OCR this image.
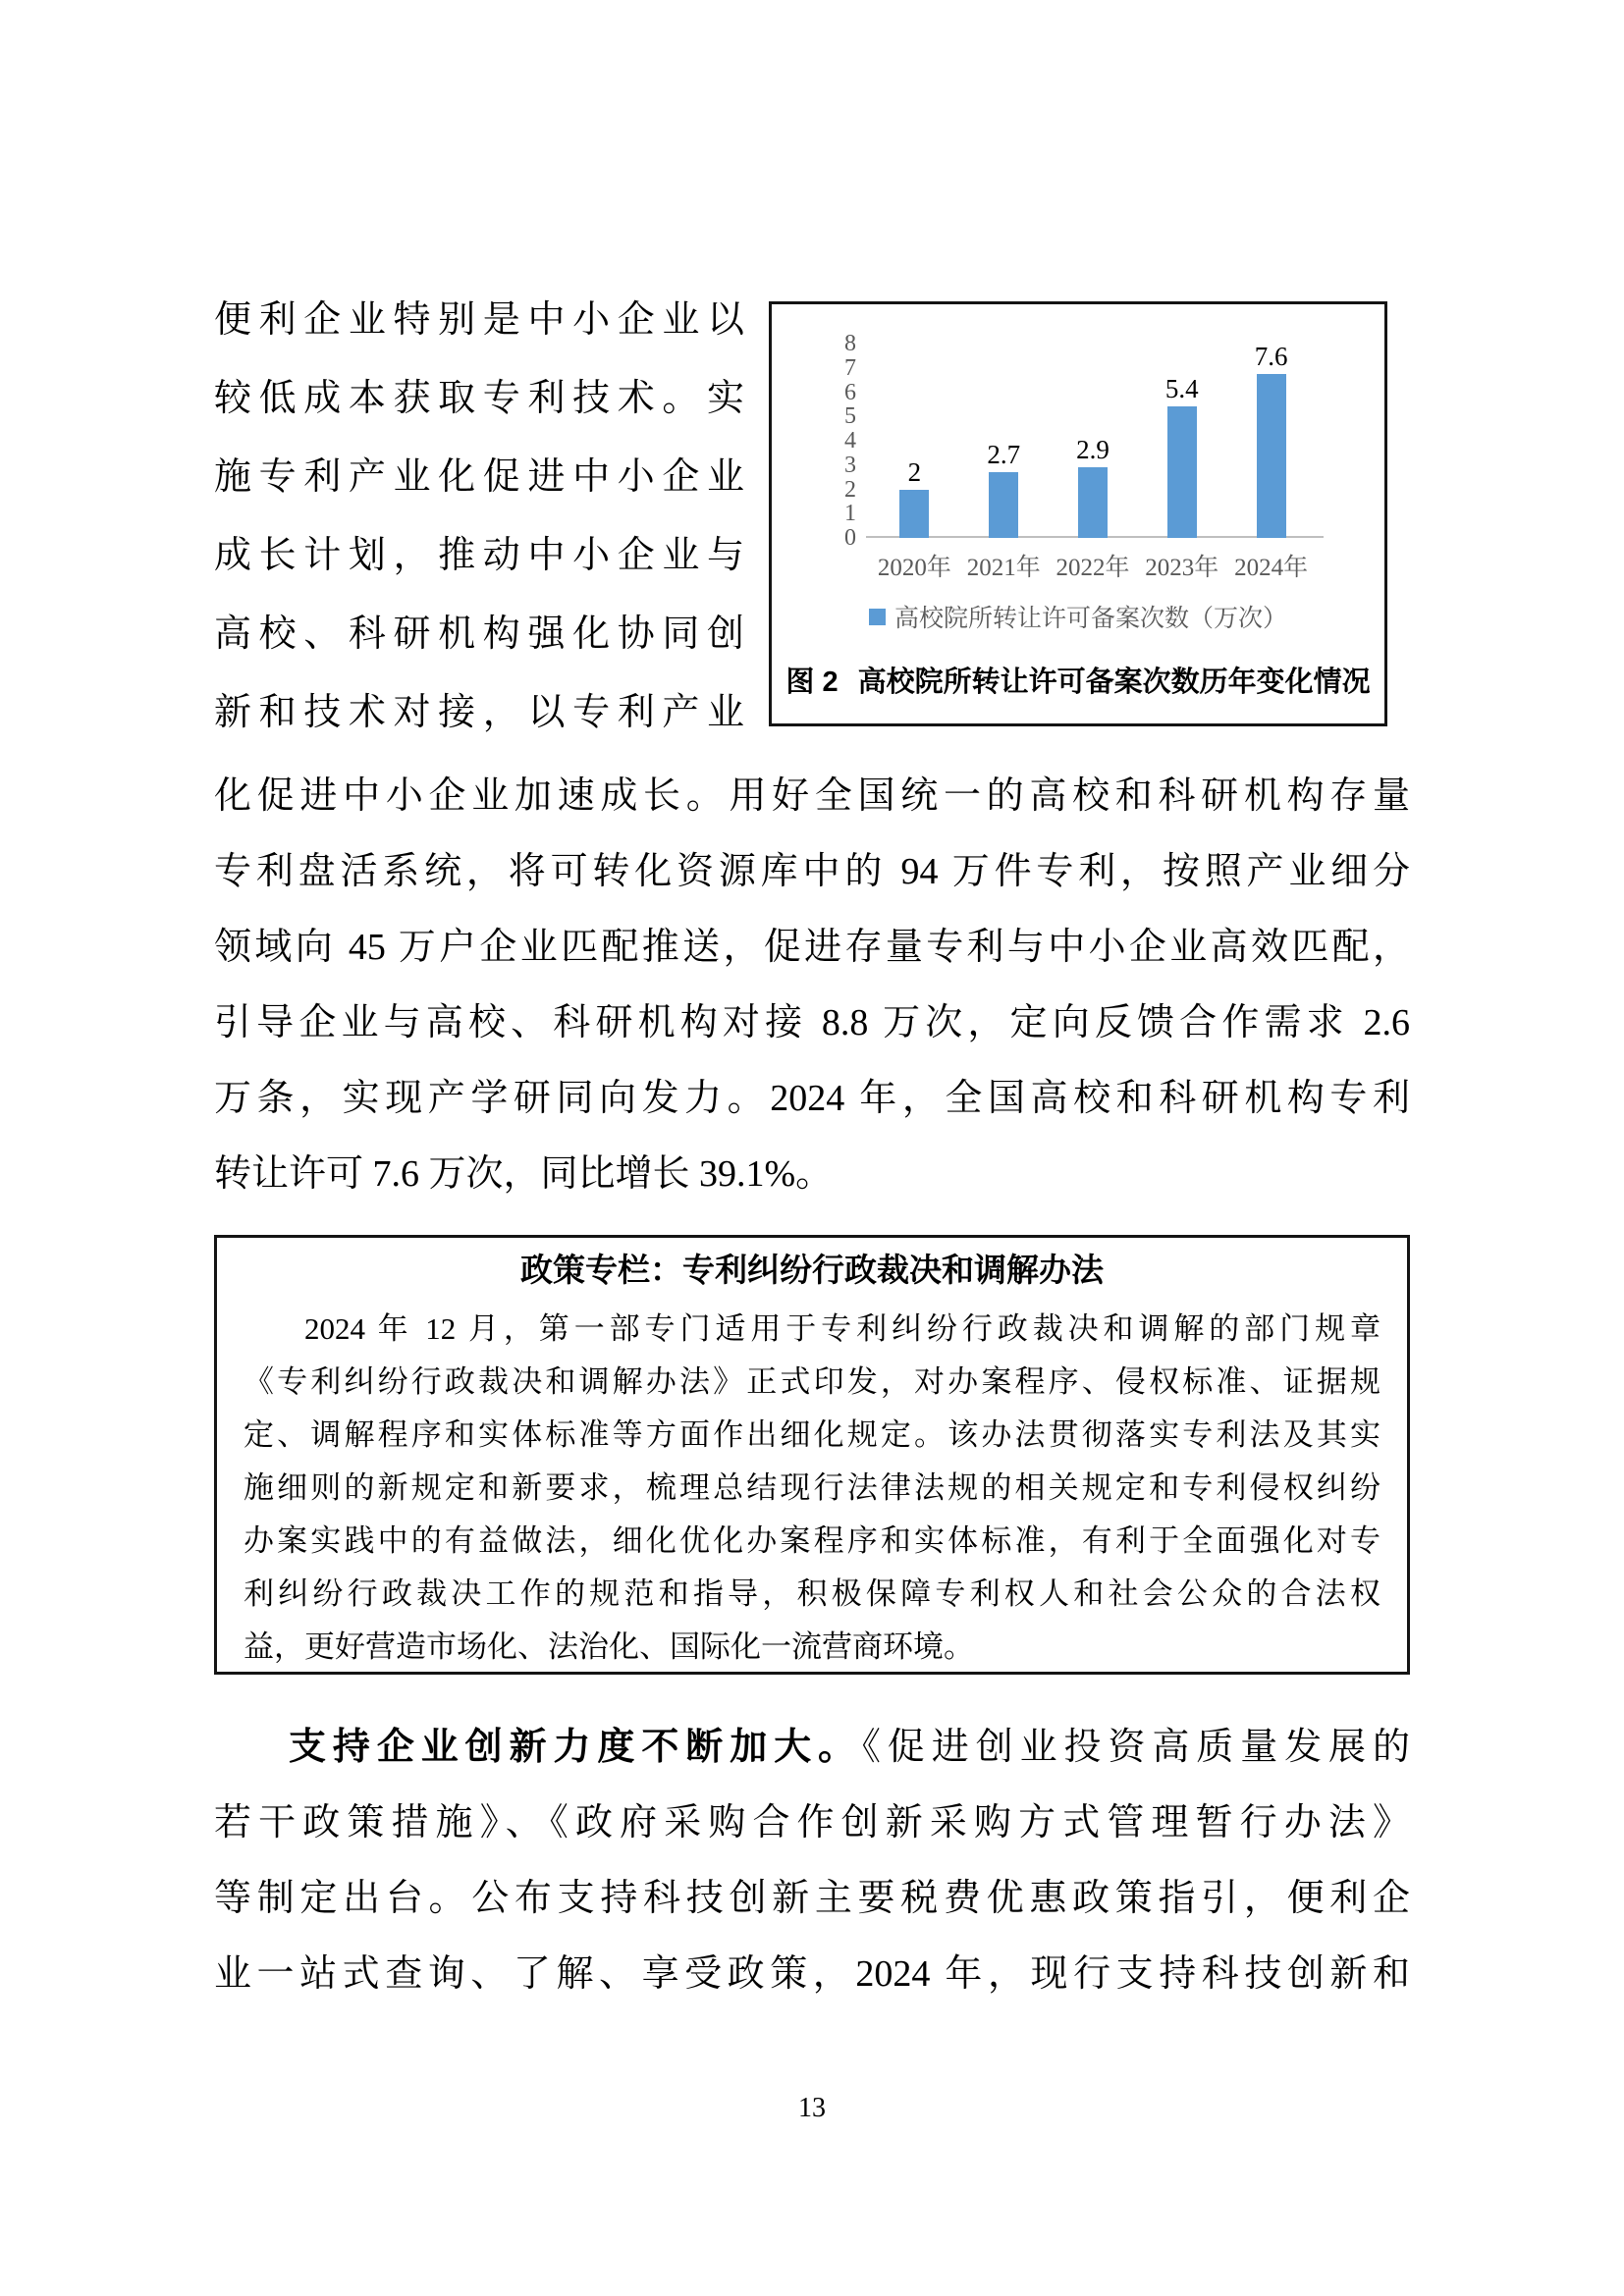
便利企业特别是中小企业以
较低成本获取专利技术。实
施专利产业化促进中小企业
成长计划，推动中小企业与
高校、科研机构强化协同创
新和技术对接，以专利产业
0
1
2
3
4
5
6
7
8
2
2.7 2.9
5.4
7.6
2020年 2021年 2022年 2023年 2024年
高校院所转让许可备案次数（万次）
图 2 高校院所转让许可备案次数历年变化情况
化促进中小企业加速成长。用好全国统一的高校和科研机构存量
专利盘活系统，将可转化资源库中的 94 万件专利，按照产业细分
领域向 45 万户企业匹配推送，促进存量专利与中小企业高效匹配，
引导企业与高校、科研机构对接 8.8 万次，定向反馈合作需求 2.6
万条，实现产学研同向发力。2024 年，全国高校和科研机构专利
转让许可 7.6 万次，同比增长 39.1%。
政策专栏：专利纠纷行政裁决和调解办法
2024 年 12 月，第一部专门适用于专利纠纷行政裁决和调解的部门规章
《专利纠纷行政裁决和调解办法》正式印发，对办案程序、侵权标准、证据规
定、调解程序和实体标准等方面作出细化规定。该办法贯彻落实专利法及其实
施细则的新规定和新要求，梳理总结现行法律法规的相关规定和专利侵权纠纷
办案实践中的有益做法，细化优化办案程序和实体标准，有利于全面强化对专
利纠纷行政裁决工作的规范和指导，积极保障专利权人和社会公众的合法权
益，更好营造市场化、法治化、国际化一流营商环境。
支持企业创新力度不断加大。《促进创业投资高质量发展的
若干政策措施》、《政府采购合作创新采购方式管理暂行办法》
等制定出台。公布支持科技创新主要税费优惠政策指引，便利企
业一站式查询、了解、享受政策，2024 年，现行支持科技创新和
13
